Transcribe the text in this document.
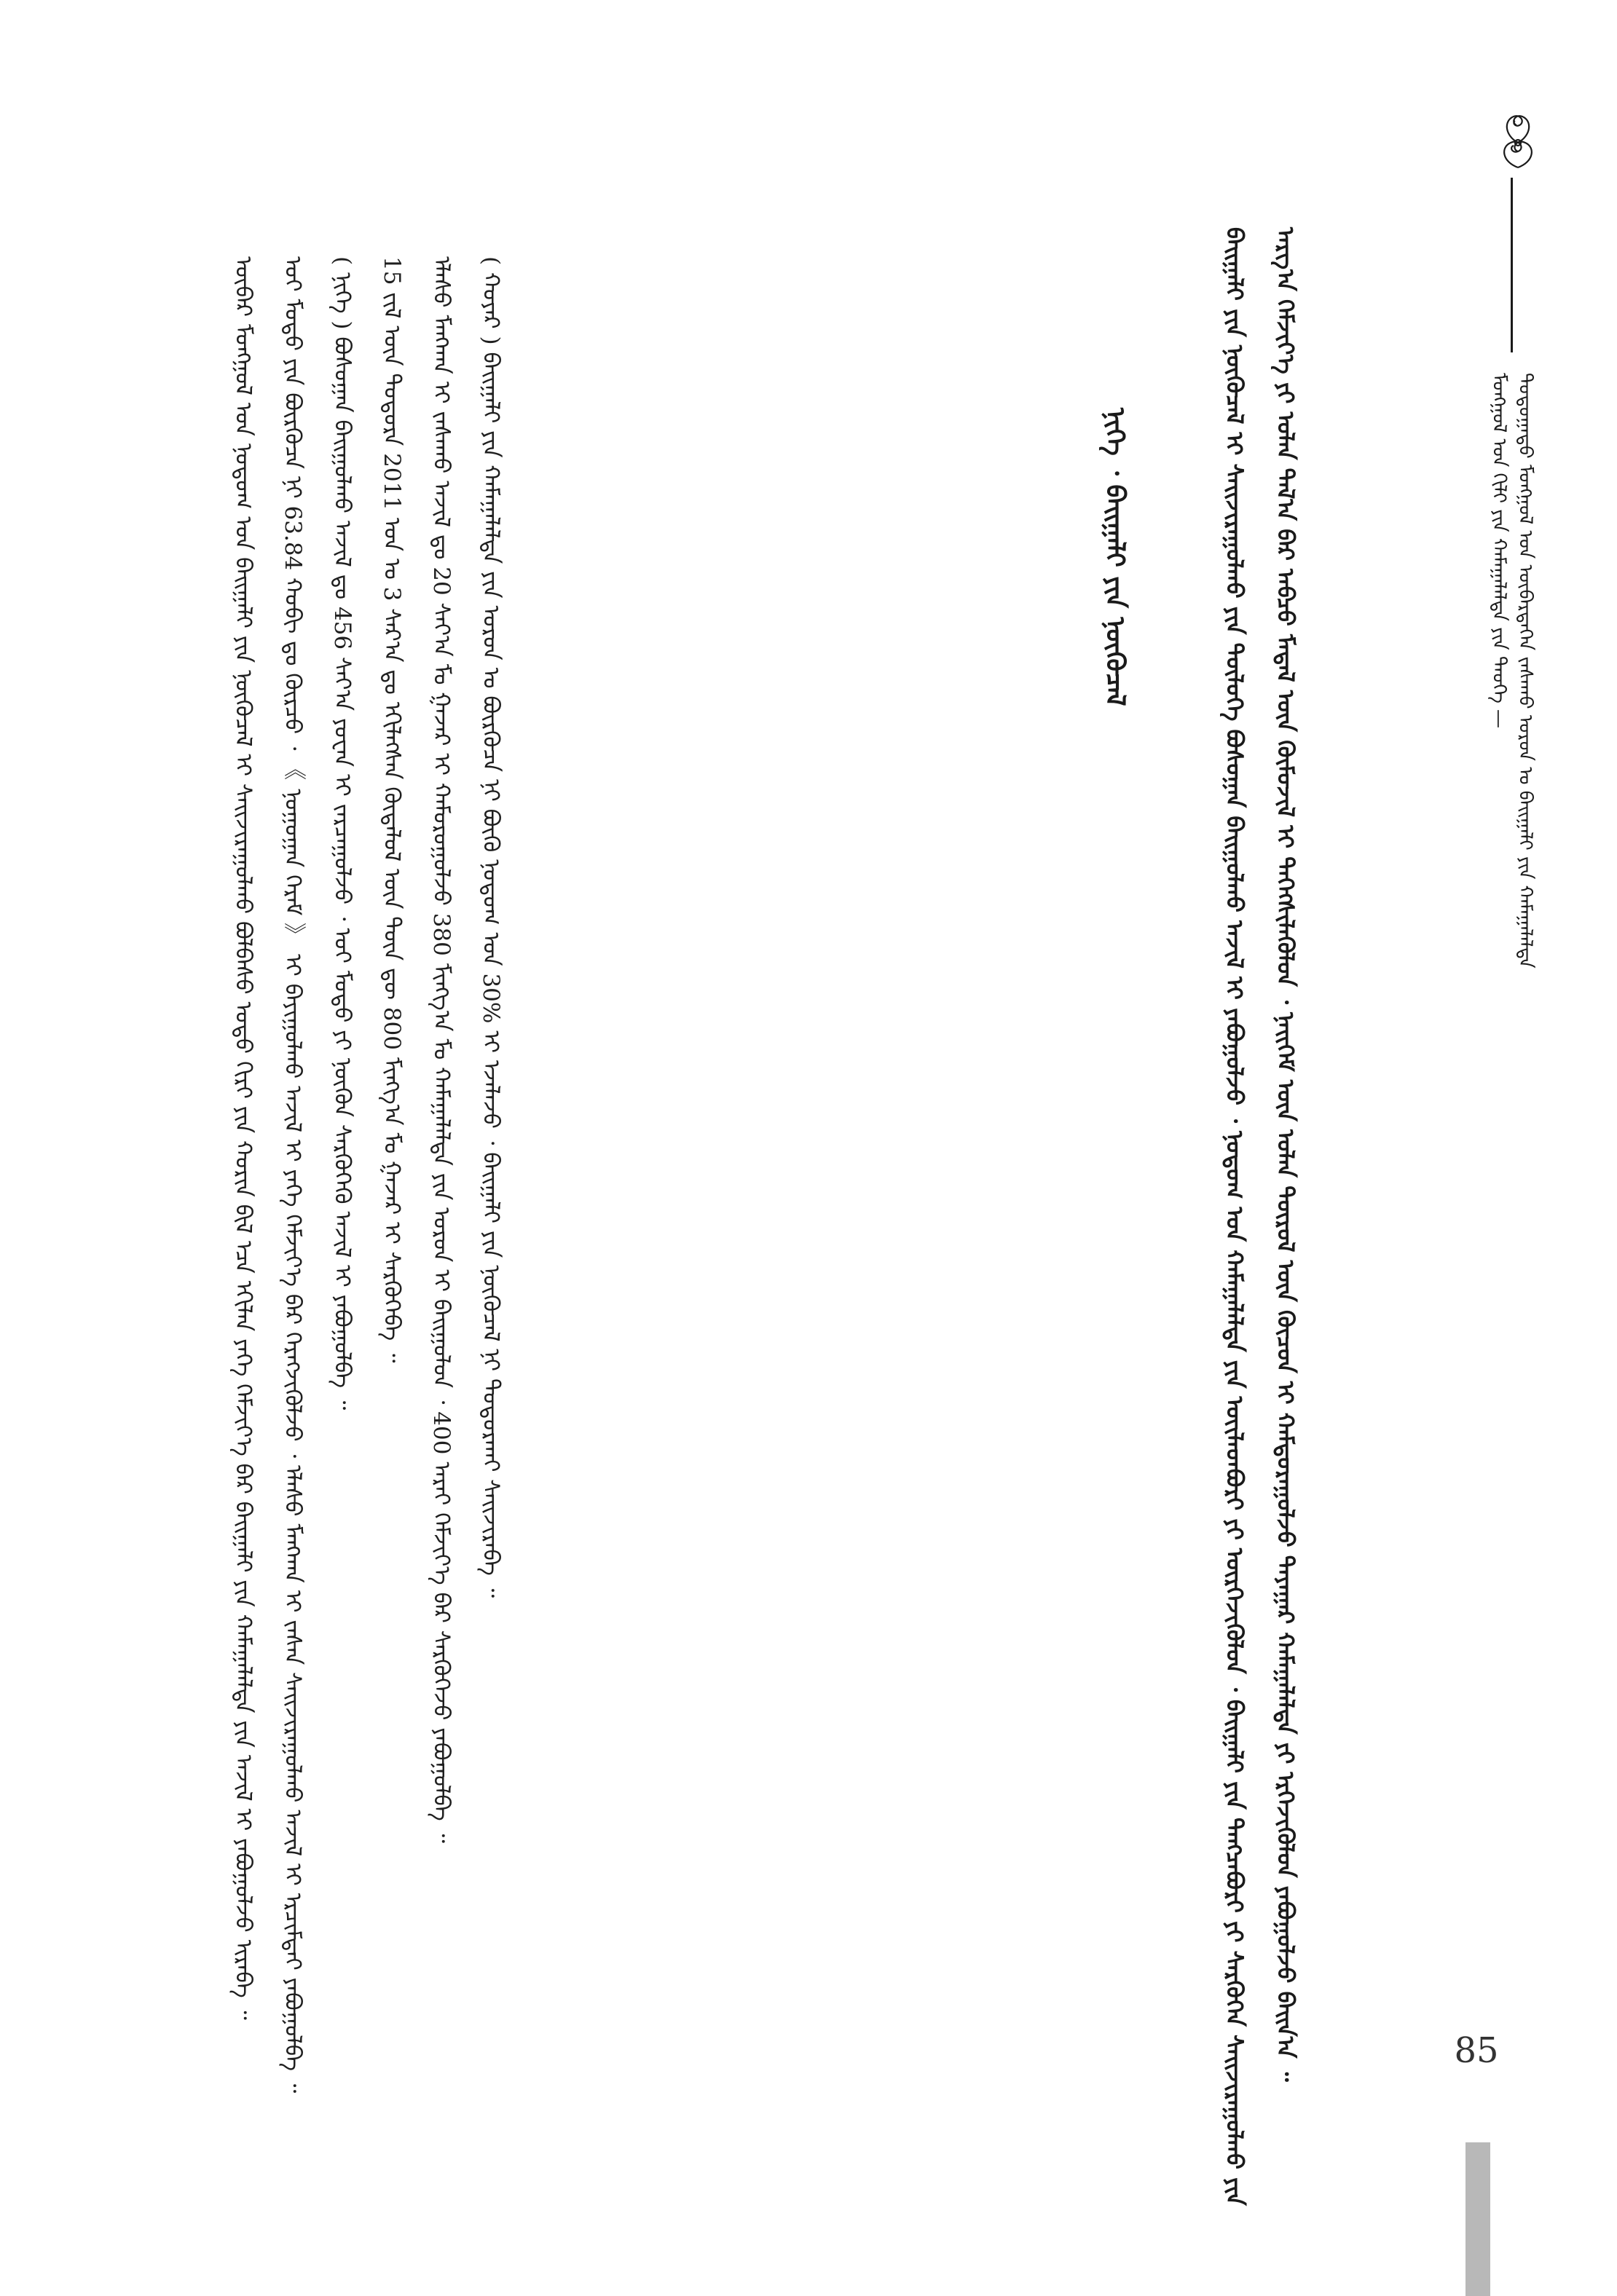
ᠮᠣᠩᠭᠣᠯ ᠤᠨ ᠬᠢᠯᠢ ᠶᠢᠨ ᠬᠠᠮᠠᠭᠠᠯᠠᠯᠲᠠ ᠶᠢᠨ ᠲᠡᠦᠬᠡ — ᠳᠣᠲᠣᠭᠠᠳᠤ ᠮᠣᠩᠭᠣᠯ ᠤᠨ ᠥᠪᠡᠷᠲᠡᠭᠡᠨ ᠵᠠᠰᠠᠬᠤ ᠣᠷᠤᠨ ᠤ ᠪᠠᠢᠭᠠᠯᠢ ᠶᠢᠨ ᠬᠠᠮᠠᠭᠠᠯᠠᠯᠲᠠ
85
ᠪᠠᠢᠭᠠᠯᠢ ᠶᠢᠨ ᠨᠥᠬᠥᠴᠡᠯ ᠢ ᠰᠠᠢᠵᠢᠷᠠᠭᠤᠯᠬᠤ ᠶᠢᠨ ᠲᠥᠯᠥᠭᠡ ᠪᠣᠰᠣᠭᠠᠨ ᠪᠠᠢᠭᠤᠯᠬᠤ ᠠᠵᠢᠯ ᠢ ᠶᠠᠪᠤᠭᠤᠯᠵᠤ ᠂ ᠨᠤᠲᠤᠭ ᠤᠨ ᠬᠠᠮᠠᠭᠠᠯᠠᠯᠲᠠ ᠶᠢᠨ ᠦᠢᠯᠡᠳᠪᠦᠷᠢ ᠶᠢ ᠥᠷᠭᠡᠵᠢᠭᠦᠯᠦᠨ ᠂ ᠪᠠᠢᠭᠠᠯᠢ ᠶᠢᠨ ᠲᠡᠩᠴᠡᠪᠤᠷᠢ ᠶᠢ ᠰᠡᠷᠭᠦᠭᠡᠨ ᠰᠠᠢᠵᠢᠷᠠᠭᠤᠯᠬᠤ ᠶᠢᠨ ᠠᠷᠭ᠎ᠠ ᠬᠡᠮᠵᠢᠶ᠎ᠡ ᠶᠢ ᠣᠯᠠᠨ ᠲᠠᠯ᠎ᠠ ᠪᠠᠷ ᠠᠪᠴᠤ ᠮᠡᠳᠡᠯ ᠦᠨ ᠬᠦᠮᠦᠵᠢᠯ ᠢ ᠳᠡᠭᠡᠭᠰᠢᠯᠡᠭᠦᠯᠦᠨ ᠂ ᠨᠡᠢᠭᠡᠮ ᠦᠨ ᠣᠯᠠᠨ ᠲᠥᠷᠥᠯ ᠦᠨ ᠬᠦᠴᠦᠨ ᠢ ᠬᠠᠮᠲᠤᠷᠠᠭᠤᠯᠵᠤ ᠳᠠᠶᠠᠭᠠᠷ ᠬᠠᠮᠠᠭᠠᠯᠠᠯᠲᠠ ᠶᠢ ᠡᠷᠭᠡᠵᠢᠭᠦᠯᠦᠨ ᠶᠠᠪᠤᠭᠤᠯᠵᠤ ᠪᠠᠢᠨ᠎ᠠ ᠃
ᠨᠢᠭᠡ ᠂ ᠪᠠᠢᠭᠠᠯᠢ ᠶᠢᠨ ᠨᠥᠬᠥᠴᠡᠯ

ᠥᠪᠡᠷ ᠮᠣᠩᠭᠣᠯ ᠤᠨ ᠨᠤᠲᠤᠭ ᠤᠨ ᠪᠠᠢᠭᠠᠯᠢ ᠶᠢᠨ ᠨᠥᠬᠥᠴᠡᠯ ᠢ ᠰᠠᠢᠵᠢᠷᠠᠭᠤᠯᠬᠤ ᠪᠣᠯᠪᠠᠰᠤ ᠣᠳᠣ ᠬᠢᠷᠢ ᠶᠢᠨ ᠬᠣᠷᠢᠨ ᠪᠢᠯ ᠡᠴᠡ ᠡᠬᠢᠯᠡᠨ ᠶᠡᠬᠡ ᠬᠡᠮᠵᠢᠶ᠎ᠡ ᠪᠡᠷ ᠪᠠᠢᠭᠠᠯᠢ ᠶᠢᠨ ᠬᠠᠮᠠᠭᠠᠯᠠᠯᠲᠠ ᠶᠢᠨ ᠠᠵᠢᠯ ᠢ ᠶᠠᠪᠤᠭᠤᠯᠵᠤ ᠢᠷᠡᠪᠡ ᠃	ᠣᠢ ᠮᠣᠳᠤ ᠶᠢᠨ ᠪᠦᠷᠬᠦᠴᠡ ᠨᠢ 63.84 ᠬᠤᠪᠢ ᠳᠤ ᠬᠦᠷᠴᠦ ᠂ 《 ᠨᠤᠭᠤᠭᠠᠨ ᠬᠡᠷᠡᠮ 》 ᠢ ᠪᠠᠶᠢᠭᠤᠯᠬᠤ ᠠᠵᠢᠯ ᠢ ᠶᠡᠬᠡ ᠬᠡᠮᠵᠢᠶ᠎ᠡ ᠪᠡᠷ ᠬᠡᠷᠡᠭᠵᠢᠭᠦᠯᠵᠦ ᠂ ᠡᠯᠡᠰᠦ ᠮᠠᠩᠬᠠᠨ ᠢ ᠵᠠᠰᠠᠨ ᠰᠠᠢᠵᠢᠷᠠᠭᠤᠯᠬᠤ ᠠᠵᠢᠯ ᠢ ᠡᠷᠴᠢᠮᠲᠡᠢ ᠶᠠᠪᠤᠭᠤᠯᠪᠠ ᠃	( ᠨᠢᠭᠡ ) ᠪᠣᠰᠣᠭᠠᠨ ᠪᠠᠢᠭᠤᠯᠬᠤ ᠠᠵᠢᠯ ᠳᠤ 456 ᠰᠠᠶ᠎ᠠ ᠶᠤᠸᠠᠨ ᠢ ᠵᠠᠷᠴᠠᠭᠤᠯᠵᠤ ᠂ ᠣᠢ ᠮᠣᠳᠤ ᠶᠢ ᠨᠥᠬᠥᠨ ᠰᠡᠷᠭᠦᠭᠡᠬᠦ ᠠᠵᠢᠯ ᠢ ᠶᠠᠪᠤᠭᠤᠯᠪᠠ ᠃	15 ᠵᠢᠯ ᠦᠨ ᠳᠣᠲᠣᠷᠠ 2011 ᠣᠨ ᠤ 3 ᠰᠠᠷ᠎ᠠ ᠳᠤ ᠡᠬᠢᠯᠡᠭᠰᠡᠨ ᠬᠥᠳᠡᠯᠦᠯ ᠦᠨ ᠳᠦᠨ ᠳᠦ 800 ᠮᠢᠩᠭ᠎ᠠ ᠮᠤ ᠭᠠᠵᠠᠷ ᠢ ᠰᠡᠷᠭᠦᠭᠡᠪᠡ ᠃	ᠡᠯᠡᠰᠦ ᠮᠠᠩᠬᠠᠨ ᠢ ᠵᠠᠰᠠᠬᠤ ᠠᠵᠢᠯ ᠳᠤ 20 ᠰᠠᠶ᠎ᠠ ᠮᠤ ᠭᠠᠵᠠᠷ ᠢ ᠬᠠᠮᠤᠷᠤᠭᠤᠯᠵᠤ 380 ᠮᠢᠩᠭ᠎ᠠ ᠮᠤ ᠬᠠᠮᠠᠭᠠᠯᠠᠯᠲᠠ ᠶᠢᠨ ᠣᠷᠤᠨ ᠢ ᠪᠠᠢᠭᠤᠯᠤᠨ ᠂ 400 ᠠᠷᠠᠢ ᠬᠡᠮᠵᠢᠶ᠎ᠡ ᠪᠡᠷ ᠰᠡᠷᠭᠦᠭᠡᠵᠦ ᠶᠠᠪᠤᠭᠤᠯᠪᠠ ᠃	( ᠬᠣᠶᠠᠷ ) ᠪᠠᠢᠭᠠᠯᠢ ᠶᠢᠨ ᠬᠠᠮᠠᠭᠠᠯᠠᠯᠲᠠ ᠶᠢᠨ ᠣᠷᠤᠨ ᠤ ᠪᠦᠷᠬᠦᠴᠡ ᠨᠢ ᠪᠦᠬᠦ ᠨᠤᠲᠤᠭ ᠤᠨ 30% ᠢ ᠡᠵᠡᠯᠡᠵᠦ ᠂ ᠪᠠᠢᠭᠠᠯᠢ ᠶᠢᠨ ᠨᠥᠬᠥᠴᠡᠯ ᠨᠢ ᠲᠣᠳᠣᠷᠬᠠᠢ ᠰᠠᠢᠵᠢᠷᠠᠪᠠ ᠃
